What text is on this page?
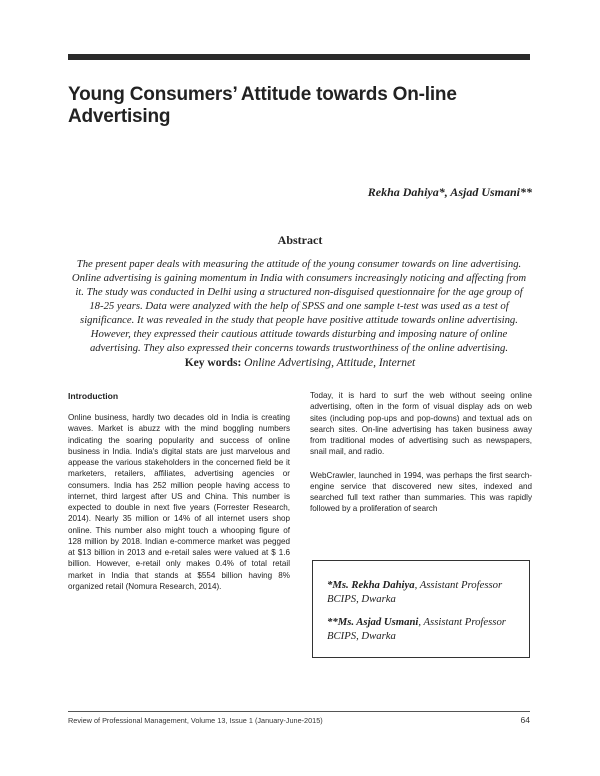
Young Consumers’ Attitude towards On-line Advertising

Rekha Dahiya*, Asjad Usmani**

Abstract

The present paper deals with measuring the attitude of the young consumer towards on line advertising. Online advertising is gaining momentum in India with consumers increasingly noticing and affecting from it. The study was conducted in Delhi using a structured non-disguised questionnaire for the age group of 18-25 years. Data were analyzed with the help of SPSS and one sample t-test was used as a test of significance. It was revealed in the study that people have positive attitude towards online advertising. However, they expressed their cautious attitude towards disturbing and imposing nature of online advertising. They also expressed their concerns towards trustworthiness of the online advertising.

Key words: Online Advertising, Attitude, Internet

Introduction

Online business, hardly two decades old in India is creating waves. Market is abuzz with the mind boggling numbers indicating the soaring popularity and success of online business in India. India's digital stats are just marvelous and appease the various stakeholders in the concerned field be it marketers, retailers, affiliates, advertising agencies or consumers. India has 252 million people having access to internet, third largest after US and China. This number is expected to double in next five years (Forrester Research, 2014). Nearly 35 million or 14% of all internet users shop online. This number also might touch a whooping figure of 128 million by 2018. Indian e-commerce market was pegged at $13 billion in 2013 and e-retail sales were valued at $ 1.6 billion. However, e-retail only makes 0.4% of total retail market in India that stands at $554 billion having 8% organized retail (Nomura Research, 2014).

Today, it is hard to surf the web without seeing online advertising, often in the form of visual display ads on web sites (including pop-ups and pop-downs) and textual ads on search sites. On-line advertising has taken business away from traditional modes of advertising such as newspapers, snail mail, and radio.

WebCrawler, launched in 1994, was perhaps the first search-engine service that discovered new sites, indexed and searched full text rather than summaries. This was rapidly followed by a proliferation of search

*Ms. Rekha Dahiya, Assistant Professor
BCIPS, Dwarka

**Ms. Asjad Usmani, Assistant Professor
BCIPS, Dwarka

Review of Professional Management, Volume 13, Issue 1 (January-June-2015)	64
